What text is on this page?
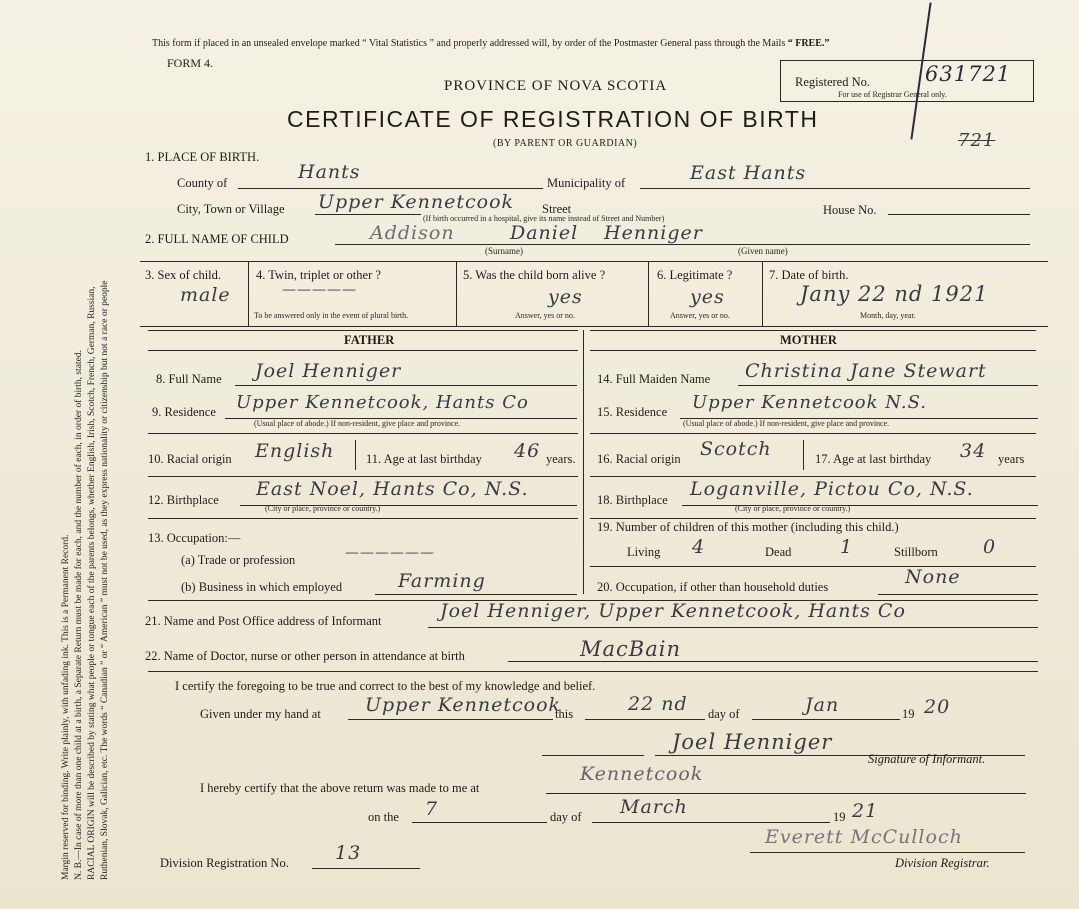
Margin reserved for binding. Write plainly, with unfading ink. This is a Permanent Record. N. B.—In case of more than one child at a birth, a Separate Return must be made for each, and the number of each, in order of birth, stated. RACIAL ORIGIN will be described by stating what people or tongue each of the parents belongs, whether English, Irish, Scotch, French, German, Russian, Ruthenian, Slovak, Galician, etc. The words “ Canadian ” or “ American ” must not be used, as they express nationality or citizenship but not a race or people
This form if placed in an unsealed envelope marked “ Vital Statistics ” and properly addressed will, by order of the Postmaster General pass through the Mails “ FREE.”
FORM 4.
Registered No.	631721
For use of Registrar General only.
721
PROVINCE OF NOVA SCOTIA
CERTIFICATE OF REGISTRATION OF BIRTH
(BY PARENT OR GUARDIAN)
1. PLACE OF BIRTH.
County of	Hants	Municipality of	East Hants
City, Town or Village Upper Kennetcook Street
(If birth occurred in a hospital, give its name instead of Street and Number)
House No.
2. FULL NAME OF CHILD	Addison	Daniel Henniger
(Surname)	(Given name)
3. Sex of child.
male
4. Twin, triplet or other ?
—————
To be answered only in the event of plural birth.
5. Was the child born alive ?
yes
Answer, yes or no.
6. Legitimate ?
yes
Answer, yes or no.
7. Date of birth.
Jany 22 nd 1921
Month, day, year.
FATHER	MOTHER
8. Full Name Joel Henniger
9. Residence Upper Kennetcook, Hants Co
(Usual place of abode.) If non-resident, give place and province.
10. Racial origin English	11. Age at last birthday 46 years.
12. Birthplace East Noel, Hants Co, N.S.
(City or place, province or country.)
13. Occupation:—
(a) Trade or profession	——————
(b) Business in which employed	Farming
14. Full Maiden Name Christina Jane Stewart
15. Residence Upper Kennetcook N.S.
(Usual place of abode.) If non-resident, give place and province.
16. Racial origin Scotch	17. Age at last birthday 34 years
18. Birthplace Loganville, Pictou Co, N.S.
(City or place, province or country.)
19. Number of children of this mother (including this child.)
Living 4	Dead	1	Stillborn 0
20. Occupation, if other than household duties	None
21. Name and Post Office address of Informant	Joel Henniger, Upper Kennetcook, Hants Co
22. Name of Doctor, nurse or other person in attendance at birth	MacBain
I certify the foregoing to be true and correct to the best of my knowledge and belief.
Given under my hand at Upper Kennetcook
this	22 nd day of	Jan	19 20
Joel Henniger
Signature of Informant.
I hereby certify that the above return was made to me at
Kennetcook
on the 7	day of March	19 21
Division Registration No. 13
Everett McCulloch
Division Registrar.
